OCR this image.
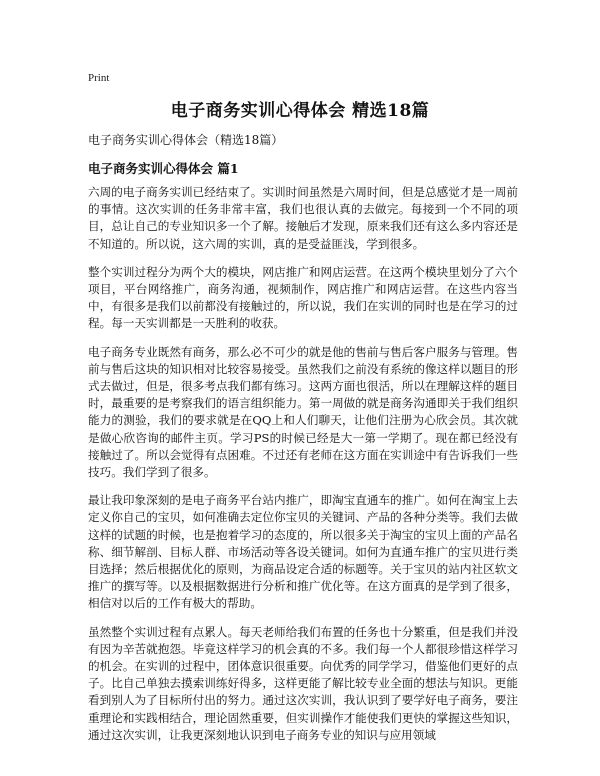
Print
电子商务实训心得体会 精选18篇
电子商务实训心得体会（精选18篇）
电子商务实训心得体会 篇1

六周的电子商务实训已经结束了。实训时间虽然是六周时间，但是总感觉才是一周前的事情。这次实训的任务非常丰富，我们也很认真的去做完。每接到一个不同的项目，总让自己的专业知识多一个了解。接触后才发现，原来我们还有这么多内容还是不知道的。所以说，这六周的实训，真的是受益匪浅，学到很多。

整个实训过程分为两个大的模块，网店推广和网店运营。在这两个模块里划分了六个项目，平台网络推广，商务沟通，视频制作，网店推广和网店运营。在这些内容当中，有很多是我们以前都没有接触过的，所以说，我们在实训的同时也是在学习的过程。每一天实训都是一天胜利的收获。

电子商务专业既然有商务，那么必不可少的就是他的售前与售后客户服务与管理。售前与售后这块的知识相对比较容易接受。虽然我们之前没有系统的像这样以题目的形式去做过，但是，很多考点我们都有练习。这两方面也很活，所以在理解这样的题目时，最重要的是考察我们的语言组织能力。第一周做的就是商务沟通即关于我们组织能力的测验，我们的要求就是在QQ上和人们聊天，让他们注册为心欣会员。其次就是做心欣咨询的邮件主页。学习PS的时候已经是大一第一学期了。现在都已经没有接触过了。所以会觉得有点困难。不过还有老师在这方面在实训途中有告诉我们一些技巧。我们学到了很多。

最让我印象深刻的是电子商务平台站内推广，即淘宝直通车的推广。如何在淘宝上去定义你自己的宝贝，如何准确去定位你宝贝的关键词、产品的各种分类等。我们去做这样的试题的时候，也是抱着学习的态度的，所以很多关于淘宝的宝贝上面的产品名称、细节解剖、目标人群、市场活动等各设关键词。如何为直通车推广的宝贝进行类目选择；然后根据优化的原则，为商品设定合适的标题等。关于宝贝的站内社区软文推广的撰写等。以及根据数据进行分析和推广优化等。在这方面真的是学到了很多，相信对以后的工作有极大的帮助。

虽然整个实训过程有点累人。每天老师给我们布置的任务也十分繁重，但是我们并没有因为辛苦就抱怨。毕竟这样学习的机会真的不多。我们每一个人都很珍惜这样学习的机会。在实训的过程中，团体意识很重要。向优秀的同学学习，借鉴他们更好的点子。比自己单独去摸索训练好得多，这样更能了解比较专业全面的想法与知识。更能看到别人为了目标所付出的努力。通过这次实训，我认识到了要学好电子商务，要注重理论和实践相结合，理论固然重要，但实训操作才能使我们更快的掌握这些知识，通过这次实训，让我更深刻地认识到电子商务专业的知识与应用领域
